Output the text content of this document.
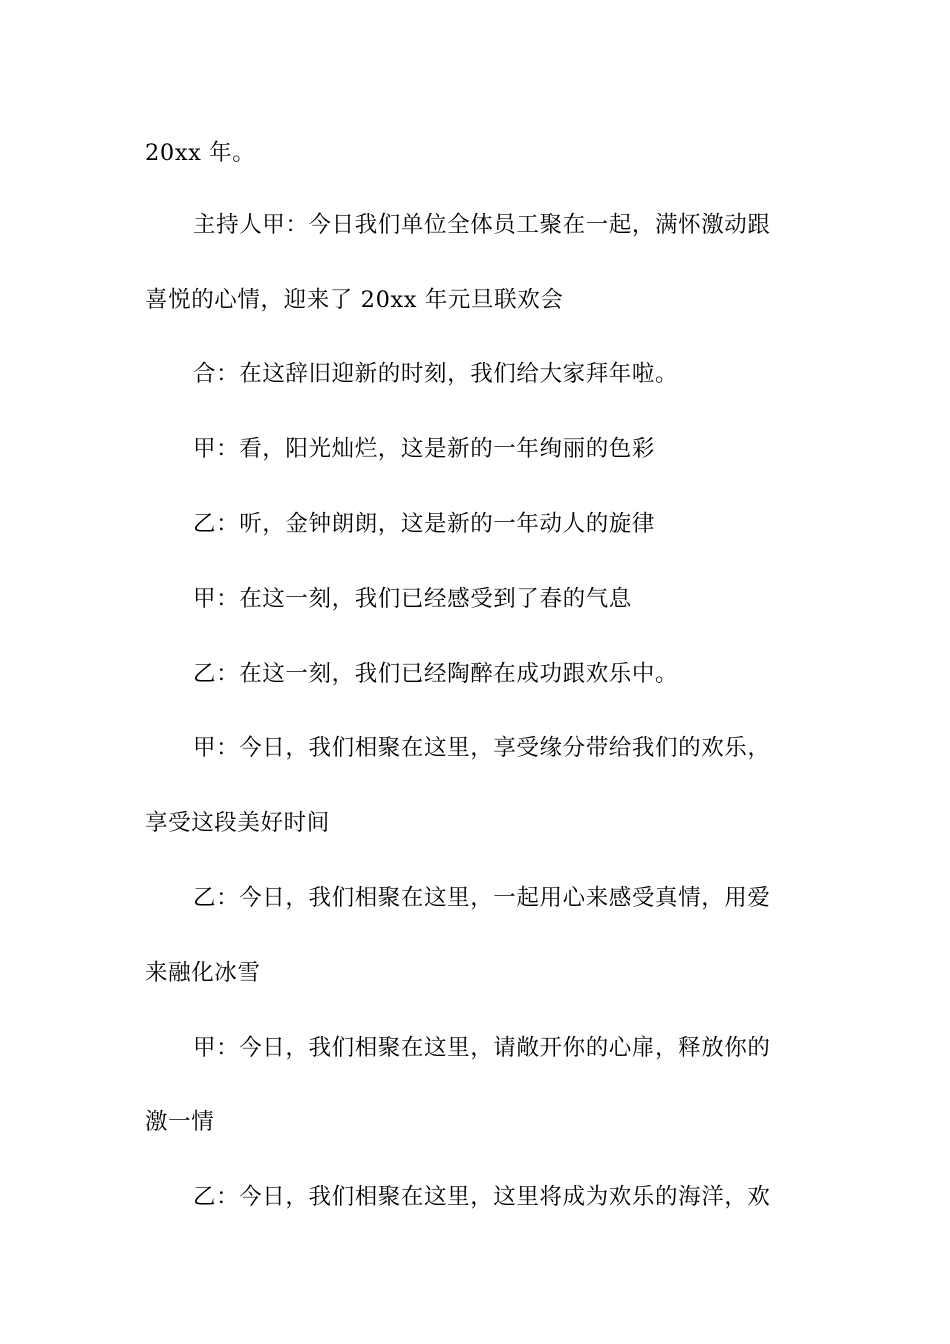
20xx 年。
主持人甲：今日我们单位全体员工聚在一起，满怀激动跟
喜悦的心情，迎来了 20xx 年元旦联欢会
合：在这辞旧迎新的时刻，我们给大家拜年啦。
甲：看，阳光灿烂，这是新的一年绚丽的色彩
乙：听，金钟朗朗，这是新的一年动人的旋律
甲：在这一刻，我们已经感受到了春的气息
乙：在这一刻，我们已经陶醉在成功跟欢乐中。
甲：今日，我们相聚在这里，享受缘分带给我们的欢乐，
享受这段美好时间
乙：今日，我们相聚在这里，一起用心来感受真情，用爱
来融化冰雪
甲：今日，我们相聚在这里，请敞开你的心扉，释放你的
激一情
乙：今日，我们相聚在这里，这里将成为欢乐的海洋，欢
